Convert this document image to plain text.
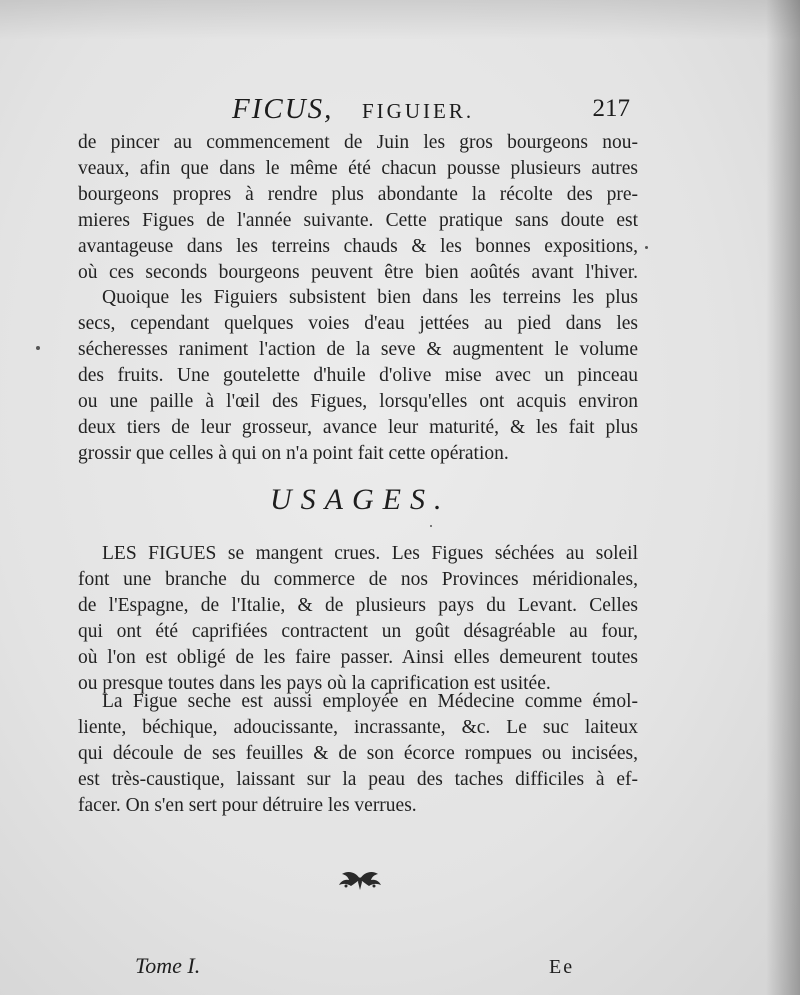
FICUS, FIGUIER.	217
de pincer au commencement de Juin les gros bourgeons nou-
veaux, afin que dans le même été chacun pousse plusieurs autres
bourgeons propres à rendre plus abondante la récolte des pre-
mieres Figues de l'année suivante. Cette pratique sans doute est
avantageuse dans les terreins chauds & les bonnes expositions,
où ces seconds bourgeons peuvent être bien aoûtés avant l'hiver.
Quoique les Figuiers subsistent bien dans les terreins les plus
secs, cependant quelques voies d'eau jettées au pied dans les
sécheresses raniment l'action de la seve & augmentent le volume
des fruits. Une goutelette d'huile d'olive mise avec un pinceau
ou une paille à l'œil des Figues, lorsqu'elles ont acquis environ
deux tiers de leur grosseur, avance leur maturité, & les fait plus
grossir que celles à qui on n'a point fait cette opération.
USAGES.
LES FIGUES se mangent crues. Les Figues séchées au soleil
font une branche du commerce de nos Provinces méridionales,
de l'Espagne, de l'Italie, & de plusieurs pays du Levant. Celles
qui ont été caprifiées contractent un goût désagréable au four,
où l'on est obligé de les faire passer. Ainsi elles demeurent toutes
ou presque toutes dans les pays où la caprification est usitée.
La Figue seche est aussi employée en Médecine comme émol-
liente, béchique, adoucissante, incrassante, &c. Le suc laiteux
qui découle de ses feuilles & de son écorce rompues ou incisées,
est très-caustique, laissant sur la peau des taches difficiles à ef-
facer. On s'en sert pour détruire les verrues.
Tome I.	Ee
